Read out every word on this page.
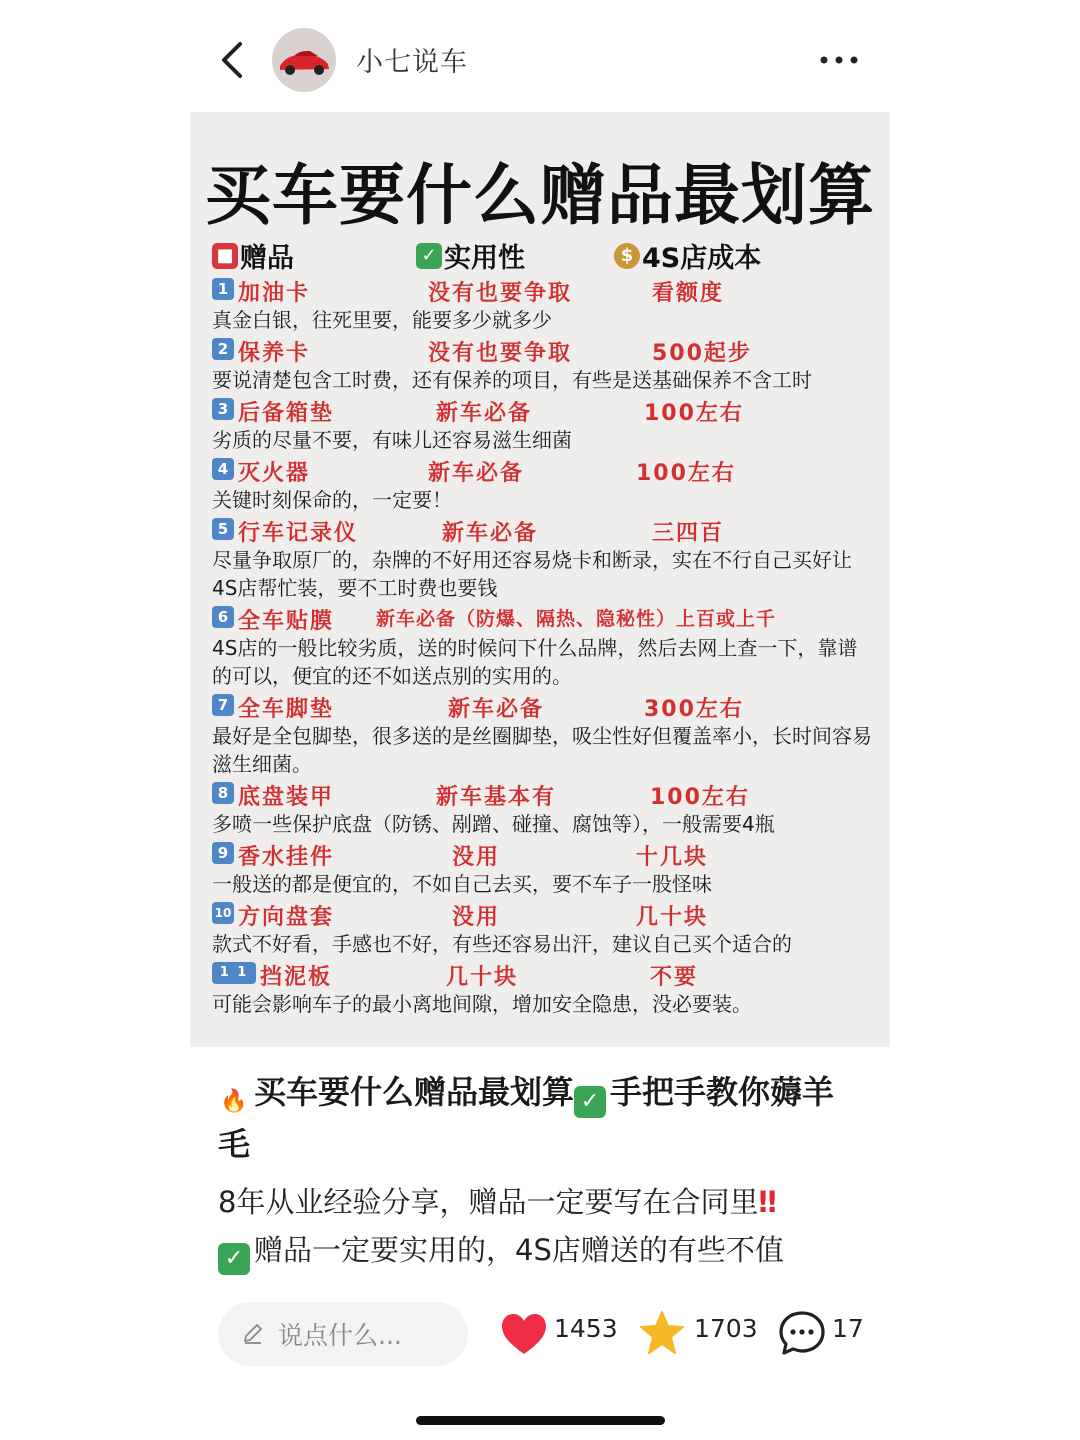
小七说车
买车要什么赠品最划算
■ 赠品	✓ 实用性	$ 4S店成本
1 加油卡	没有也要争取	看额度
真金白银，往死里要，能要多少就多少
2 保养卡	没有也要争取	500起步
要说清楚包含工时费，还有保养的项目，有些是送基础保养不含工时
3 后备箱垫	新车必备	100左右
劣质的尽量不要，有味儿还容易滋生细菌
4 灭火器	新车必备	100左右
关键时刻保命的，一定要！
5 行车记录仪	新车必备	三四百
尽量争取原厂的，杂牌的不好用还容易烧卡和断录，实在不行自己买好让4S店帮忙装，要不工时费也要钱
6 全车贴膜 新车必备（防爆、隔热、隐秘性）上百或上千
4S店的一般比较劣质，送的时候问下什么品牌，然后去网上查一下，靠谱的可以，便宜的还不如送点别的实用的。
7 全车脚垫	新车必备	300左右
最好是全包脚垫，很多送的是丝圈脚垫，吸尘性好但覆盖率小，长时间容易滋生细菌。
8 底盘装甲	新车基本有	100左右
多喷一些保护底盘（防锈、剐蹭、碰撞、腐蚀等），一般需要4瓶
9 香水挂件	没用	十几块
一般送的都是便宜的，不如自己去买，要不车子一股怪味
10 方向盘套	没用	几十块
款式不好看，手感也不好，有些还容易出汗，建议自己买个适合的
1 1 挡泥板	几十块	不要
可能会影响车子的最小离地间隙，增加安全隐患，没必要装。
🔥 买车要什么赠品最划算 ✓ 手把手教你薅羊毛
8年从业经验分享，赠品一定要写在合同里‼
✓ 赠品一定要实用的，4S店赠送的有些不值
说点什么...	1453	1703	17
